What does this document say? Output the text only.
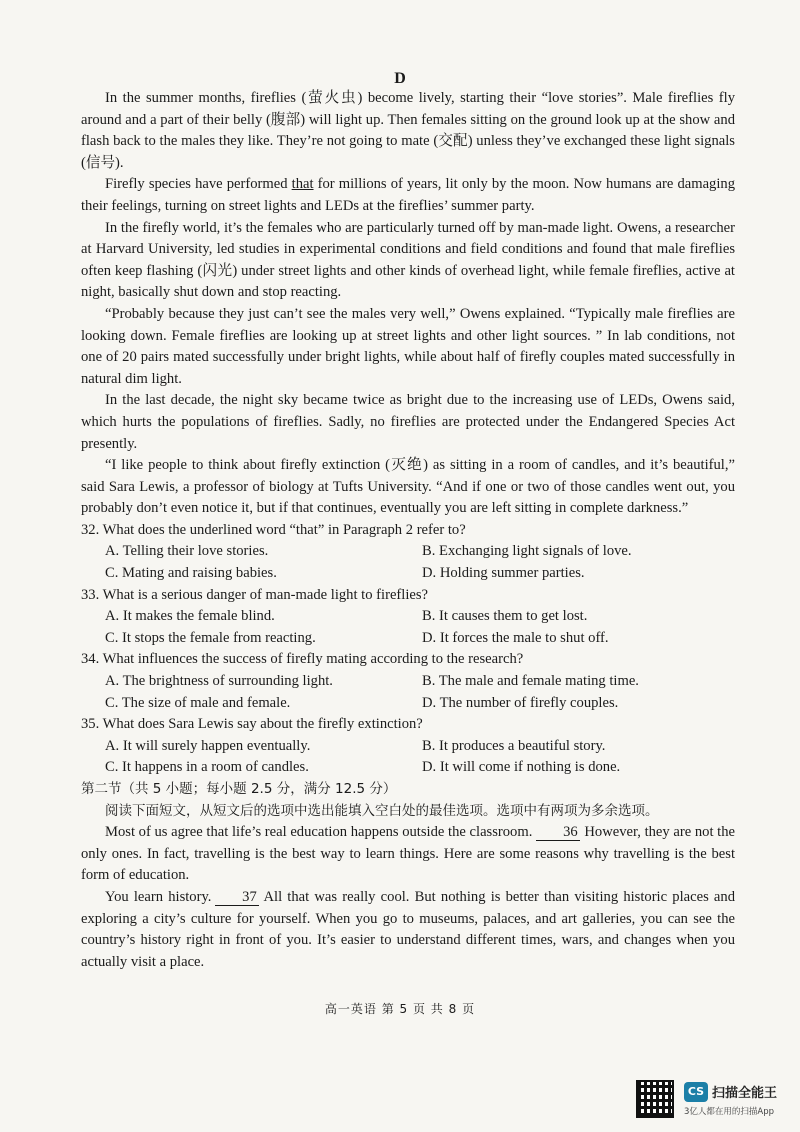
D

In the summer months, fireflies (萤火虫) become lively, starting their “love stories”. Male fireflies fly around and a part of their belly (腹部) will light up. Then females sitting on the ground look up at the show and flash back to the males they like. They’re not going to mate (交配) unless they’ve exchanged these light signals (信号).

Firefly species have performed that for millions of years, lit only by the moon. Now humans are damaging their feelings, turning on street lights and LEDs at the fireflies’ summer party.

In the firefly world, it’s the females who are particularly turned off by man-made light. Owens, a researcher at Harvard University, led studies in experimental conditions and field conditions and found that male fireflies often keep flashing (闪光) under street lights and other kinds of overhead light, while female fireflies, active at night, basically shut down and stop reacting.

“Probably because they just can’t see the males very well,” Owens explained. “Typically male fireflies are looking down. Female fireflies are looking up at street lights and other light sources. ” In lab conditions, not one of 20 pairs mated successfully under bright lights, while about half of firefly couples mated successfully in natural dim light.

In the last decade, the night sky became twice as bright due to the increasing use of LEDs, Owens said, which hurts the populations of fireflies. Sadly, no fireflies are protected under the Endangered Species Act presently.

“I like people to think about firefly extinction (灭绝) as sitting in a room of candles, and it’s beautiful,” said Sara Lewis, a professor of biology at Tufts University. “And if one or two of those candles went out, you probably don’t even notice it, but if that continues, eventually you are left sitting in complete darkness.”

32. What does the underlined word “that” in Paragraph 2 refer to?

A. Telling their love stories.	B. Exchanging light signals of love.
C. Mating and raising babies.	D. Holding summer parties.

33. What is a serious danger of man-made light to fireflies?

A. It makes the female blind.	B. It causes them to get lost.
C. It stops the female from reacting.	D. It forces the male to shut off.

34. What influences the success of firefly mating according to the research?

A. The brightness of surrounding light.	B. The male and female mating time.
C. The size of male and female.	D. The number of firefly couples.

35. What does Sara Lewis say about the firefly extinction?

A. It will surely happen eventually.	B. It produces a beautiful story.
C. It happens in a room of candles.	D. It will come if nothing is done.

第二节（共 5 小题；每小题 2.5 分，满分 12.5 分）

阅读下面短文，从短文后的选项中选出能填入空白处的最佳选项。选项中有两项为多余选项。

Most of us agree that life’s real education happens outside the classroom. 36 However, they are not the only ones. In fact, travelling is the best way to learn things. Here are some reasons why travelling is the best form of education.

You learn history. 37 All that was really cool. But nothing is better than visiting historic places and exploring a city’s culture for yourself. When you go to museums, palaces, and art galleries, you can see the country’s history right in front of you. It’s easier to understand different times, wars, and changes when you actually visit a place.

高一英语 第 5 页 共 8 页
CS 扫描全能王
3亿人都在用的扫描App
